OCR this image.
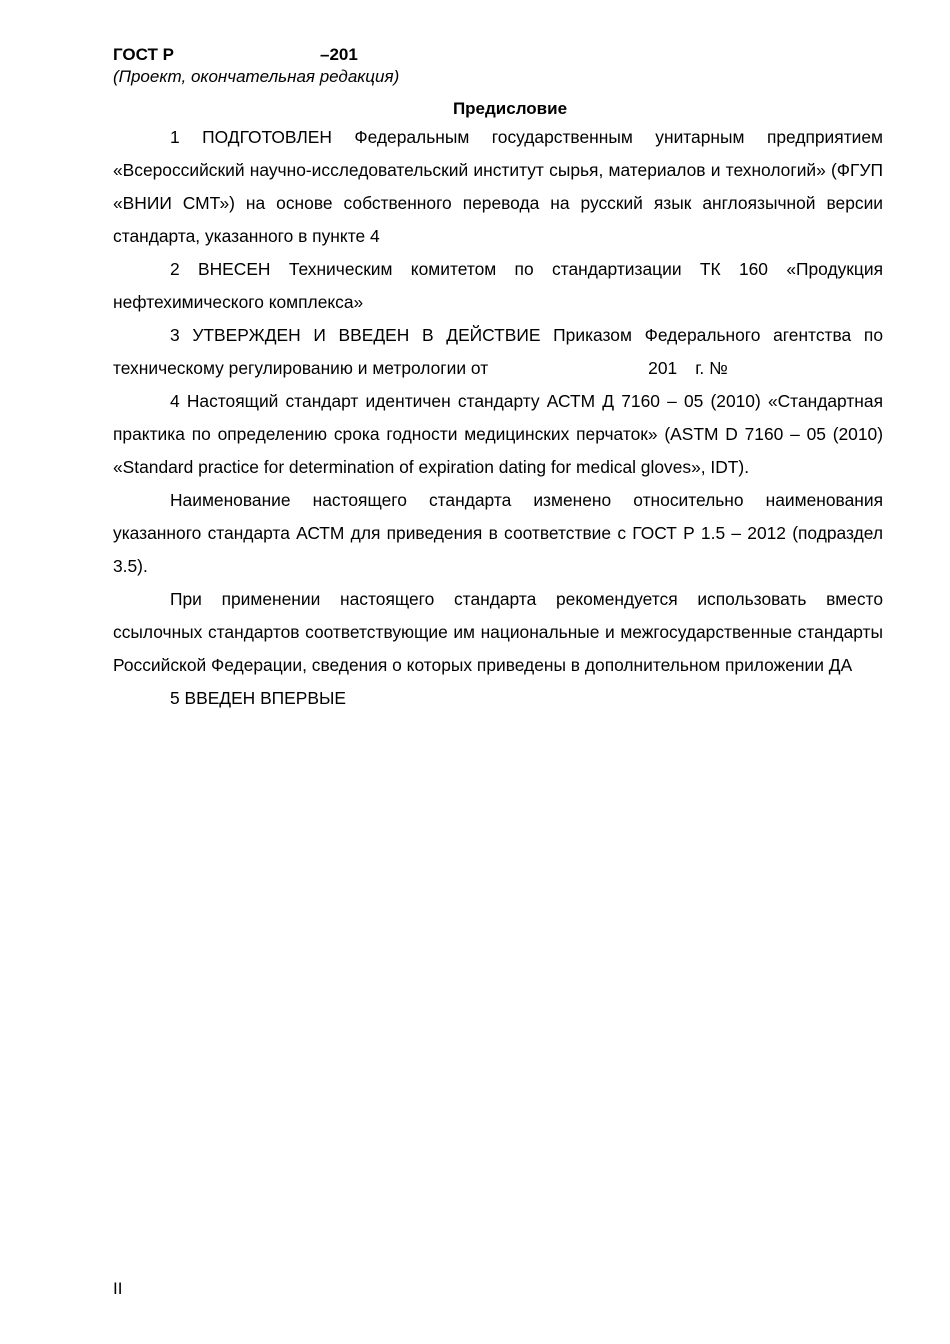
ГОСТ Р	–201
(Проект, окончательная редакция)
Предисловие

1 ПОДГОТОВЛЕН Федеральным государственным унитарным предприятием «Всероссийский научно-исследовательский институт сырья, материалов и технологий» (ФГУП «ВНИИ СМТ») на основе собственного перевода на русский язык англоязычной версии стандарта, указанного в пункте 4

2 ВНЕСЕН Техническим комитетом по стандартизации ТК 160 «Продукция нефтехимического комплекса»

3 УТВЕРЖДЕН И ВВЕДЕН В ДЕЙСТВИЕ Приказом Федерального агентства по техническому регулированию и метрологии от	201 г. №

4 Настоящий стандарт идентичен стандарту АСТМ Д 7160 – 05 (2010) «Стандартная практика по определению срока годности медицинских перчаток» (ASTM D 7160 – 05 (2010) «Standard practice for determination of expiration dating for medical gloves», IDT).

Наименование настоящего стандарта изменено относительно наименования указанного стандарта АСТМ для приведения в соответствие с ГОСТ Р 1.5 – 2012 (подраздел 3.5).

При применении настоящего стандарта рекомендуется использовать вместо ссылочных стандартов соответствующие им национальные и межгосударственные стандарты Российской Федерации, сведения о которых приведены в дополнительном приложении ДА

5 ВВЕДЕН ВПЕРВЫЕ

II
